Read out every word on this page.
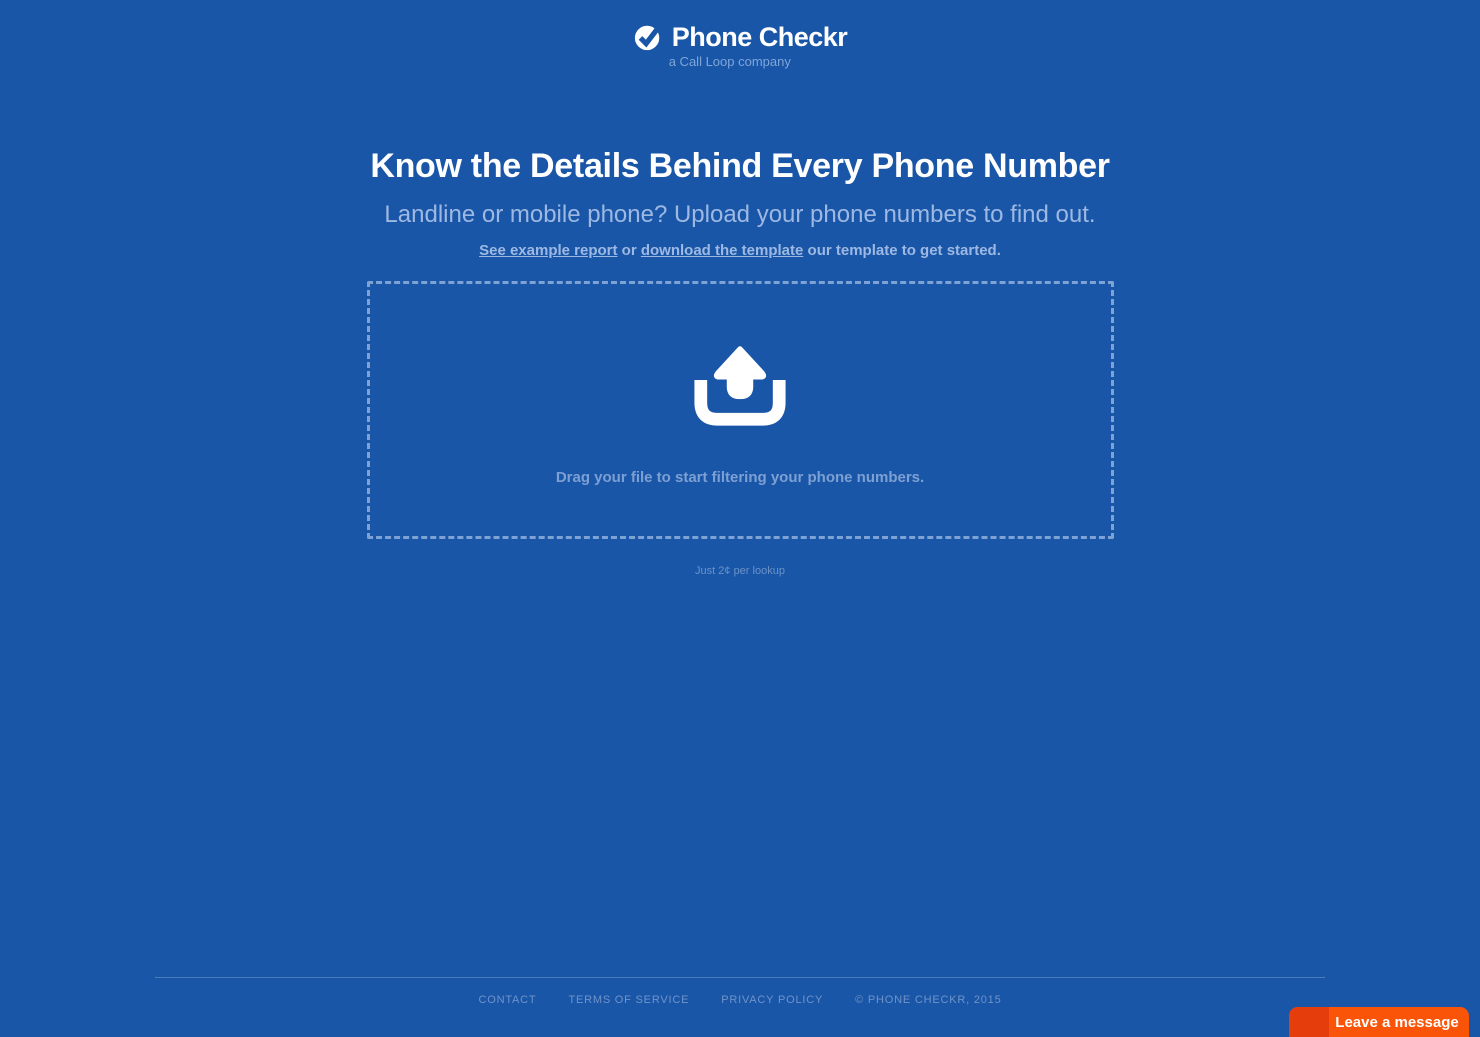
Phone Checkr
a Call Loop company
Know the Details Behind Every Phone Number

Landline or mobile phone? Upload your phone numbers to find out.

See example report or download the template our template to get started.

Drag your file to start filtering your phone numbers.

Just 2¢ per lookup

CONTACT	TERMS OF SERVICE	PRIVACY POLICY	© PHONE CHECKR, 2015
Leave a message
